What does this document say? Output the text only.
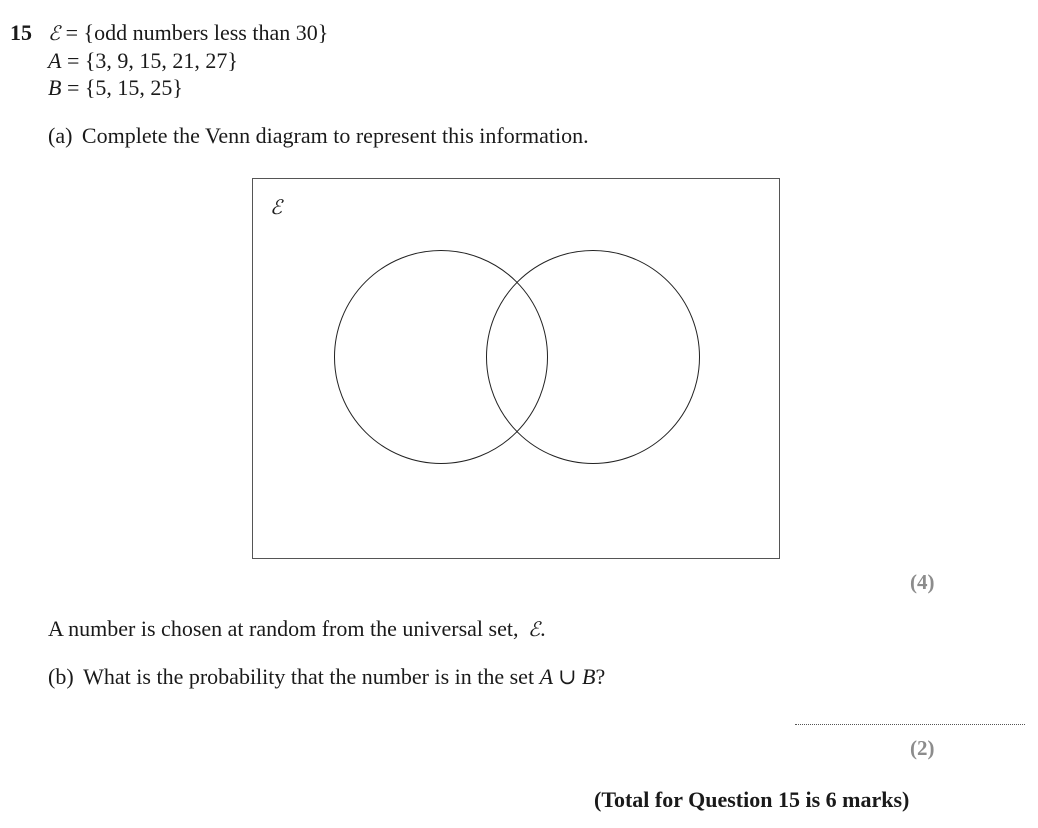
15 ℰ = {odd numbers less than 30}
A = {3, 9, 15, 21, 27}
B = {5, 15, 25}
(a) Complete the Venn diagram to represent this information.
ℰ
(4)
A number is chosen at random from the universal set, ℰ.
(b) What is the probability that the number is in the set A ∪ B?
(2)
(Total for Question 15 is 6 marks)
